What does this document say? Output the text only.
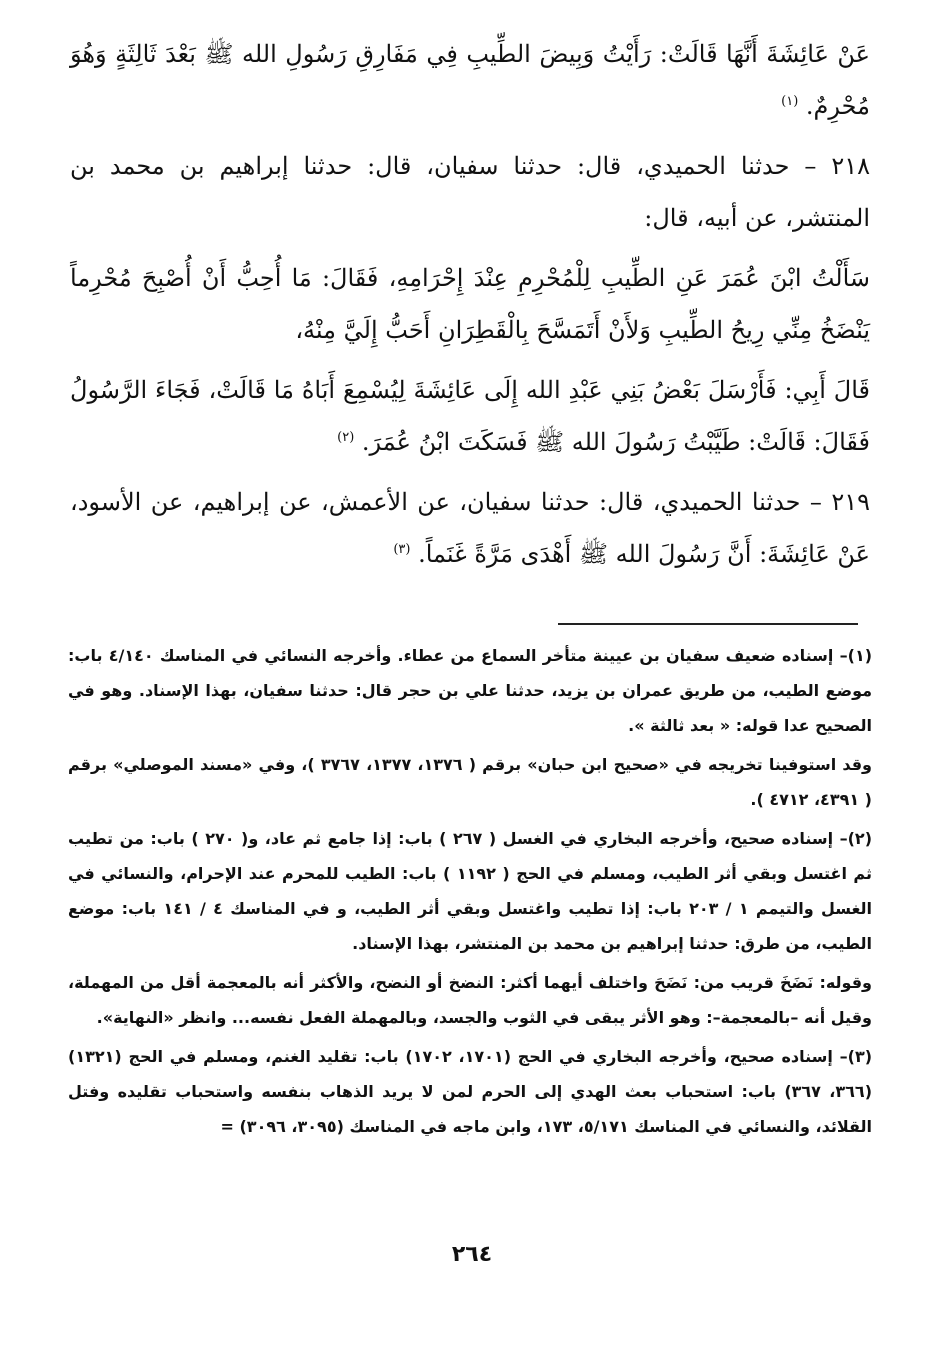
عَنْ عَائِشَةَ أَنَّهَا قَالَتْ: رَأَيْتُ وَبِيضَ الطِّيبِ فِي مَفَارِقِ رَسُولِ الله ﷺ بَعْدَ ثَالِثَةٍ وَهُوَ مُحْرِمٌ. $^{(١)}$

٢١٨ – حدثنا الحميدي، قال: حدثنا سفيان، قال: حدثنا إبراهيم بن محمد بن المنتشر، عن أبيه، قال:

سَأَلْتُ ابْنَ عُمَرَ عَنِ الطِّيبِ لِلْمُحْرِمِ عِنْدَ إِحْرَامِهِ، فَقَالَ: مَا أُحِبُّ أَنْ أُصْبِحَ مُحْرِماً يَنْضَخُ مِنِّي رِيحُ الطِّيبِ وَلأَنْ أَتَمَسَّحَ بِالْقَطِرَانِ أَحَبُّ إِلَيَّ مِنْهُ،

قَالَ أَبِي: فَأَرْسَلَ بَعْضُ بَنِي عَبْدِ الله إِلَى عَائِشَةَ لِيُسْمِعَ أَبَاهُ مَا قَالَتْ، فَجَاءَ الرَّسُولُ فَقَالَ: قَالَتْ: طَيَّبْتُ رَسُولَ الله ﷺ فَسَكَتَ ابْنُ عُمَرَ. $^{(٢)}$

٢١٩ – حدثنا الحميدي، قال: حدثنا سفيان، عن الأعمش، عن إبراهيم، عن الأسود، عَنْ عَائِشَةَ: أَنَّ رَسُولَ الله ﷺ أَهْدَى مَرَّةً غَنَماً. $^{(٣)}$

(١)– إسناده ضعيف سفيان بن عيينة متأخر السماع من عطاء. وأخرجه النسائي في المناسك ٤/١٤٠ باب: موضع الطيب، من طريق عمران بن يزيد، حدثنا علي بن حجر قال: حدثنا سفيان، بهذا الإسناد. وهو في الصحيح عدا قوله: « بعد ثالثة ».

وقد استوفينا تخريجه في «صحيح ابن حبان» برقم ( ١٣٧٦، ١٣٧٧، ٣٧٦٧ )، وفي «مسند الموصلي» برقم ( ٤٣٩١، ٤٧١٢ ).

(٢)– إسناده صحيح، وأخرجه البخاري في الغسل ( ٢٦٧ ) باب: إذا جامع ثم عاد، و( ٢٧٠ ) باب: من تطيب ثم اغتسل وبقي أثر الطيب، ومسلم في الحج ( ١١٩٢ ) باب: الطيب للمحرم عند الإحرام، والنسائي في الغسل والتيمم ١ / ٢٠٣ باب: إذا تطيب واغتسل وبقي أثر الطيب، و في المناسك ٤ / ١٤١ باب: موضع الطيب، من طرق: حدثنا إبراهيم بن محمد بن المنتشر، بهذا الإسناد.

وقوله: نَضَخَ قريب من: نَضَحَ واختلف أيهما أكثر: النضخ أو النضح، والأكثر أنه بالمعجمة أقل من المهملة، وقيل أنه –بالمعجمة–: وهو الأثر يبقى في الثوب والجسد، وبالمهملة الفعل نفسه... وانظر «النهاية».

(٣)– إسناده صحيح، وأخرجه البخاري في الحج (١٧٠١، ١٧٠٢) باب: تقليد الغنم، ومسلم في الحج (١٣٢١)(٣٦٦، ٣٦٧) باب: استحباب بعث الهدي إلى الحرم لمن لا يريد الذهاب بنفسه واستحباب تقليده وفتل القلائد، والنسائي في المناسك ٥/١٧١، ١٧٣، وابن ماجه في المناسك (٣٠٩٥، ٣٠٩٦) =

٢٦٤
